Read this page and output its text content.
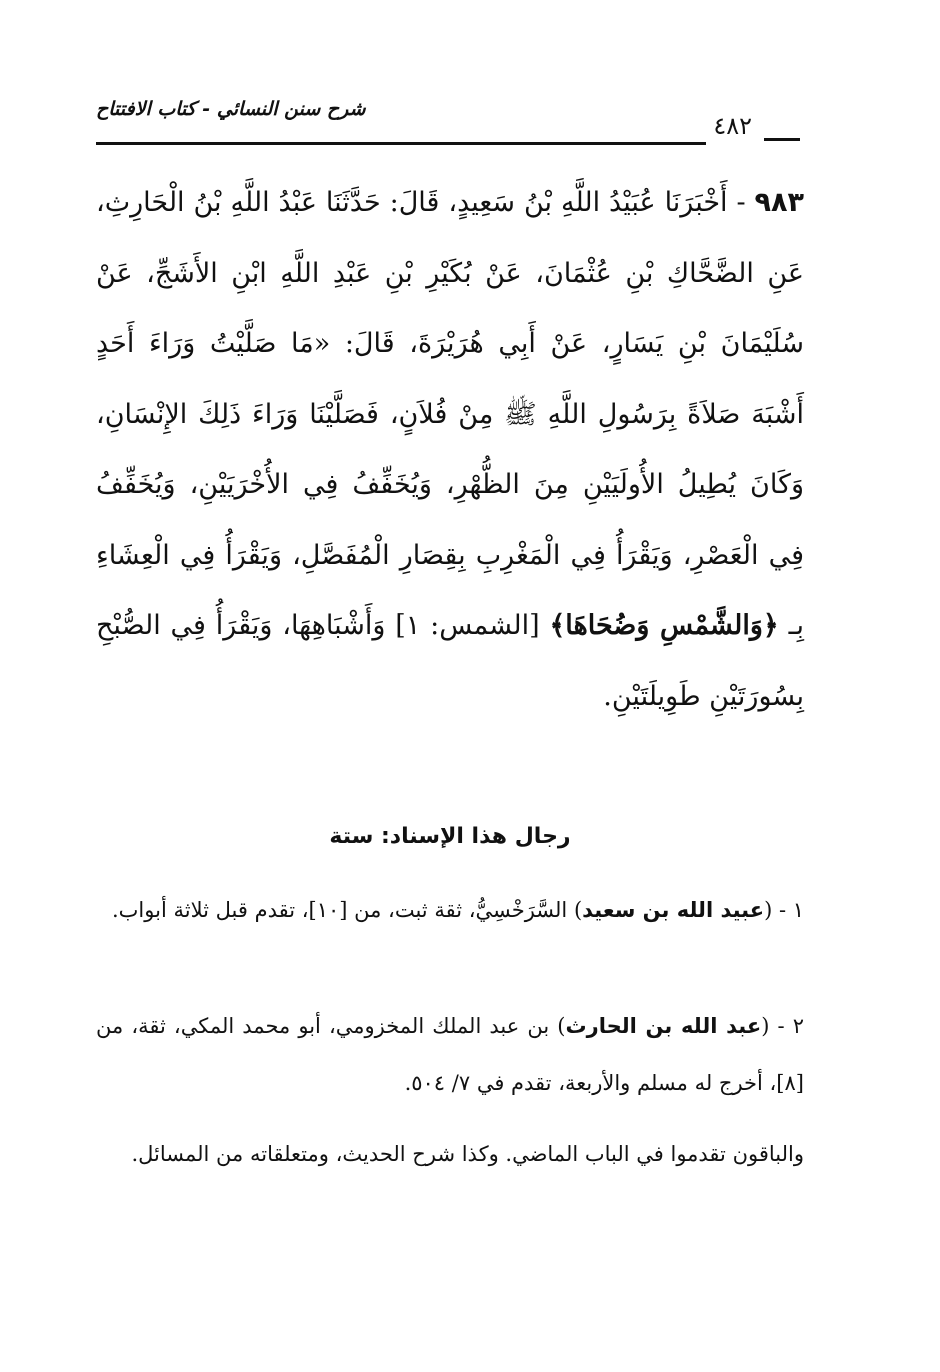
شرح سنن النسائي - كتاب الافتتاح
٤٨٢

٩٨٣ - أَخْبَرَنَا عُبَيْدُ اللَّهِ بْنُ سَعِيدٍ، قَالَ: حَدَّثَنَا عَبْدُ اللَّهِ بْنُ الْحَارِثِ، عَنِ الضَّحَّاكِ بْنِ عُثْمَانَ، عَنْ بُكَيْرِ بْنِ عَبْدِ اللَّهِ ابْنِ الأَشَجِّ، عَنْ سُلَيْمَانَ بْنِ يَسَارٍ، عَنْ أَبِي هُرَيْرَةَ، قَالَ: «مَا صَلَّيْتُ وَرَاءَ أَحَدٍ أَشْبَهَ صَلاَةً بِرَسُولِ اللَّهِ ﷺ مِنْ فُلاَنٍ، فَصَلَّيْنَا وَرَاءَ ذَلِكَ الإِنْسَانِ، وَكَانَ يُطِيلُ الأُولَيَيْنِ مِنَ الظُّهْرِ، وَيُخَفِّفُ فِي الأُخْرَيَيْنِ، وَيُخَفِّفُ فِي الْعَصْرِ، وَيَقْرَأُ فِي الْمَغْرِبِ بِقِصَارِ الْمُفَصَّلِ، وَيَقْرَأُ فِي الْعِشَاءِ بِـ ﴿وَالشَّمْسِ وَضُحَاهَا﴾ [الشمس: ١] وَأَشْبَاهِهَا، وَيَقْرَأُ فِي الصُّبْحِ بِسُورَتَيْنِ طَوِيلَتَيْنِ.

رجال هذا الإسناد: ستة

١ - (عبيد الله بن سعيد) السَّرَخْسِيُّ، ثقة ثبت، من [١٠]، تقدم قبل ثلاثة أبواب.

٢ - (عبد الله بن الحارث) بن عبد الملك المخزومي، أبو محمد المكي، ثقة، من [٨]، أخرج له مسلم والأربعة، تقدم في ٧/ ٥٠٤.

والباقون تقدموا في الباب الماضي. وكذا شرح الحديث، ومتعلقاته من المسائل.
